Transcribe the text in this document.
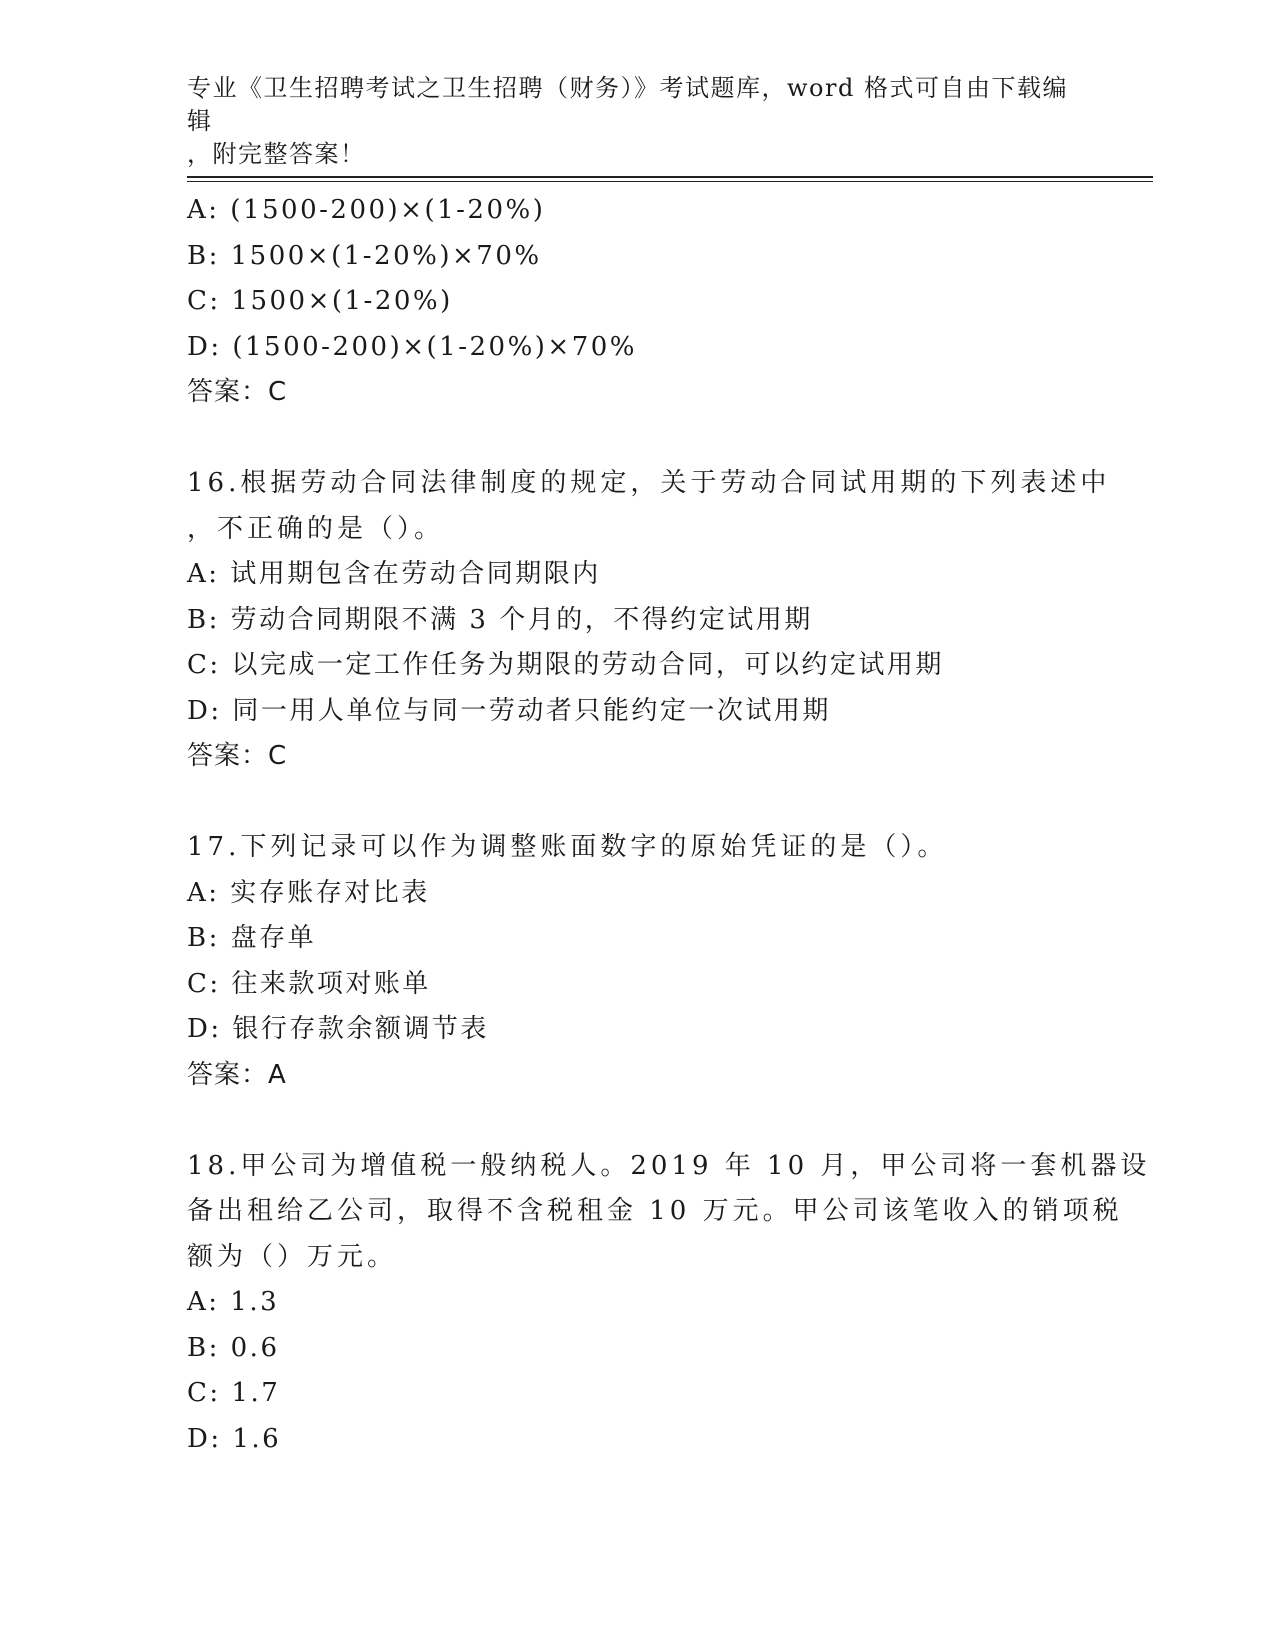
专业《卫生招聘考试之卫生招聘（财务）》考试题库，word 格式可自由下载编辑
，附完整答案！
A: (1500-200)×(1-20%)
B: 1500×(1-20%)×70%
C: 1500×(1-20%)
D: (1500-200)×(1-20%)×70%
答案：C
16.根据劳动合同法律制度的规定，关于劳动合同试用期的下列表述中
，不正确的是（）。
A: 试用期包含在劳动合同期限内
B: 劳动合同期限不满 3 个月的，不得约定试用期
C: 以完成一定工作任务为期限的劳动合同，可以约定试用期
D: 同一用人单位与同一劳动者只能约定一次试用期
答案：C
17.下列记录可以作为调整账面数字的原始凭证的是（）。
A: 实存账存对比表
B: 盘存单
C: 往来款项对账单
D: 银行存款余额调节表
答案：A
18.甲公司为增值税一般纳税人。2019 年 10 月，甲公司将一套机器设
备出租给乙公司，取得不含税租金 10 万元。甲公司该笔收入的销项税
额为（）万元。
A: 1.3
B: 0.6
C: 1.7
D: 1.6
